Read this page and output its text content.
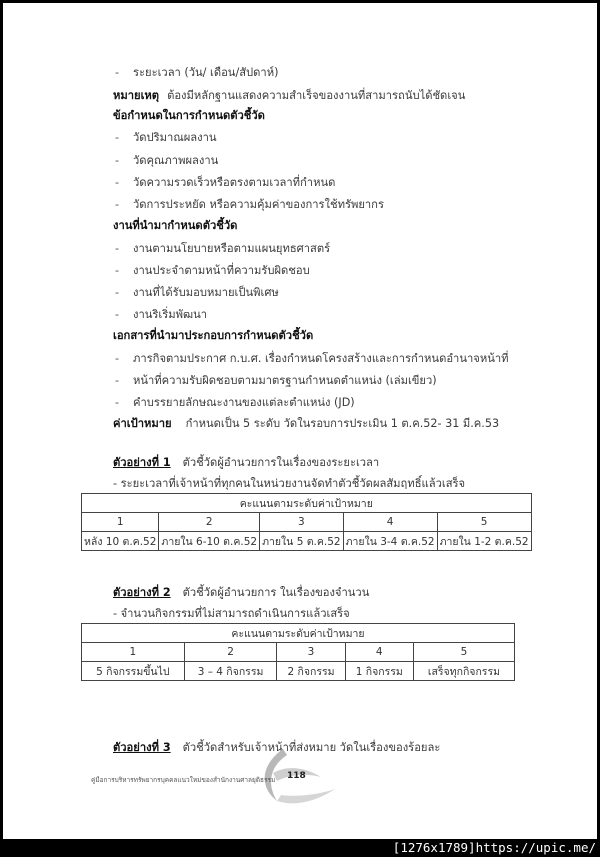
- ระยะเวลา (วัน/ เดือน/สัปดาห์)
หมายเหตุ ต้องมีหลักฐานแสดงความสำเร็จของงานที่สามารถนับได้ชัดเจน
ข้อกำหนดในการกำหนดตัวชี้วัด
- วัดปริมาณผลงาน
- วัดคุณภาพผลงาน
- วัดความรวดเร็วหรือตรงตามเวลาที่กำหนด
- วัดการประหยัด หรือความคุ้มค่าของการใช้ทรัพยากร
งานที่นำมากำหนดตัวชี้วัด
- งานตามนโยบายหรือตามแผนยุทธศาสตร์
- งานประจำตามหน้าที่ความรับผิดชอบ
- งานที่ได้รับมอบหมายเป็นพิเศษ
- งานริเริ่มพัฒนา
เอกสารที่นำมาประกอบการกำหนดตัวชี้วัด
- ภารกิจตามประกาศ ก.บ.ศ. เรื่องกำหนดโครงสร้างและการกำหนดอำนาจหน้าที่
- หน้าที่ความรับผิดชอบตามมาตรฐานกำหนดตำแหน่ง (เล่มเขียว)
- คำบรรยายลักษณะงานของแต่ละตำแหน่ง (JD)
ค่าเป้าหมาย กำหนดเป็น 5 ระดับ วัดในรอบการประเมิน 1 ต.ค.52- 31 มี.ค.53
ตัวอย่างที่ 1 ตัวชี้วัดผู้อำนวยการในเรื่องของระยะเวลา
- ระยะเวลาที่เจ้าหน้าที่ทุกคนในหน่วยงานจัดทำตัวชี้วัดผลสัมฤทธิ์แล้วเสร็จ
คะแนนตามระดับค่าเป้าหมาย				
1	2	3	4	5
หลัง 10 ต.ค.52	ภายใน 6-10 ต.ค.52	ภายใน 5 ต.ค.52	ภายใน 3-4 ต.ค.52	ภายใน 1-2 ต.ค.52
ตัวอย่างที่ 2 ตัวชี้วัดผู้อำนวยการ ในเรื่องของจำนวน
- จำนวนกิจกรรมที่ไม่สามารถดำเนินการแล้วเสร็จ
คะแนนตามระดับค่าเป้าหมาย				
1	2	3	4	5
5 กิจกรรมขึ้นไป	3 – 4 กิจกรรม	2 กิจกรรม	1 กิจกรรม	เสร็จทุกกิจกรรม
ตัวอย่างที่ 3 ตัวชี้วัดสำหรับเจ้าหน้าที่ส่งหมาย วัดในเรื่องของร้อยละ
คู่มือการบริหารทรัพยากรบุคคลแนวใหม่ของสำนักงานศาลยุติธรรม 118
[1276x1789]https://upic.me/
